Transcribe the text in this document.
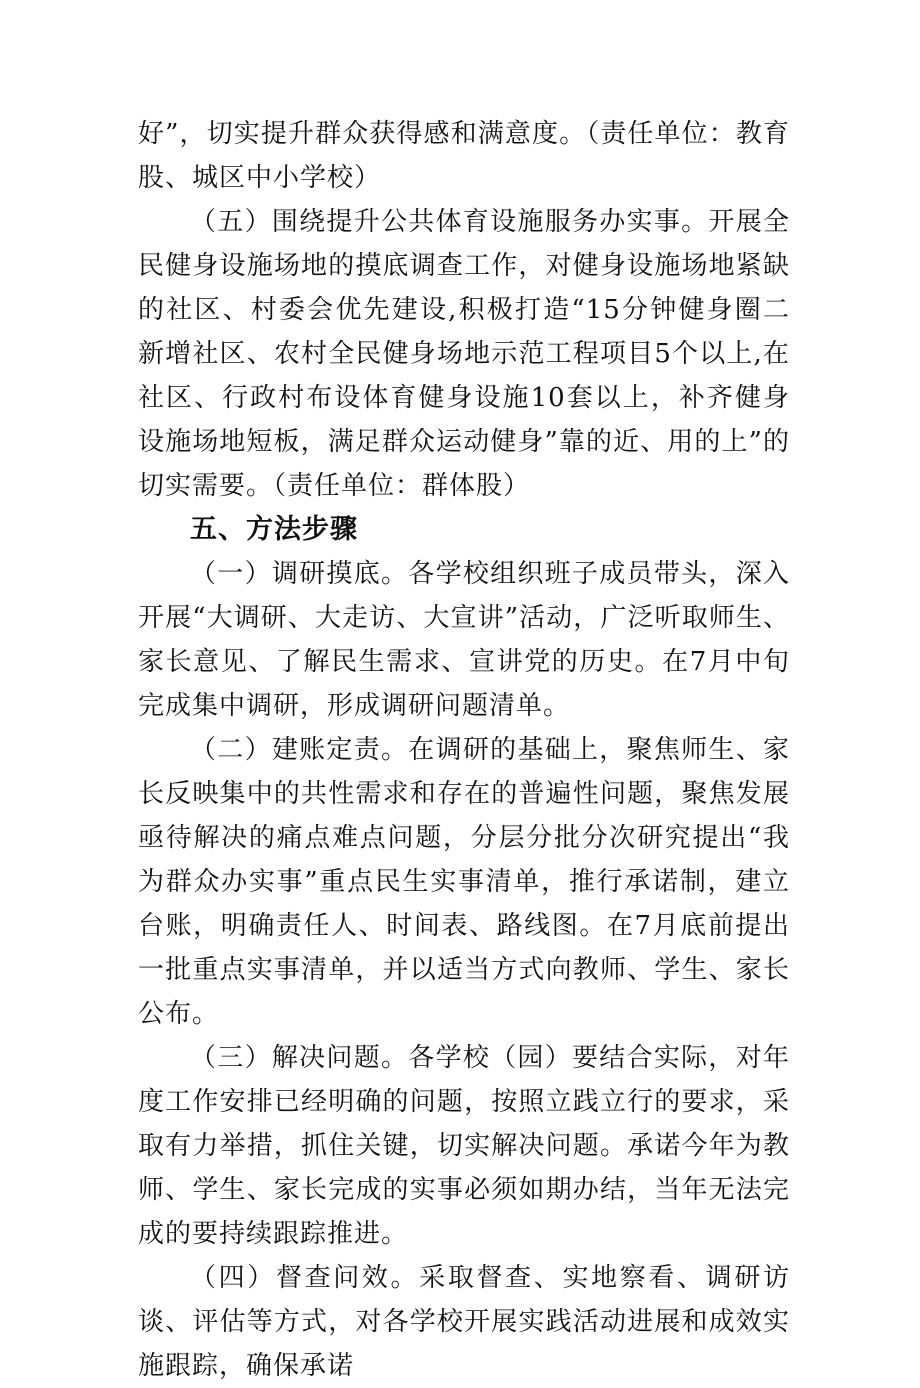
好”，切实提升群众获得感和满意度。（责任单位：教育股、城区中小学校）

（五）围绕提升公共体育设施服务办实事。开展全民健身设施场地的摸底调查工作，对健身设施场地紧缺的社区、村委会优先建设,积极打造“15分钟健身圈二新增社区、农村全民健身场地示范工程项目5个以上,在社区、行政村布设体育健身设施10套以上，补齐健身设施场地短板，满足群众运动健身”靠的近、用的上”的切实需要。（责任单位：群体股）

五、方法步骤

（一）调研摸底。各学校组织班子成员带头，深入开展“大调研、大走访、大宣讲”活动，广泛听取师生、家长意见、了解民生需求、宣讲党的历史。在7月中旬完成集中调研，形成调研问题清单。

（二）建账定责。在调研的基础上，聚焦师生、家长反映集中的共性需求和存在的普遍性问题，聚焦发展亟待解决的痛点难点问题，分层分批分次研究提出“我为群众办实事”重点民生实事清单，推行承诺制，建立台账，明确责任人、时间表、路线图。在7月底前提出一批重点实事清单，并以适当方式向教师、学生、家长公布。

（三）解决问题。各学校（园）要结合实际，对年度工作安排已经明确的问题，按照立践立行的要求，采取有力举措，抓住关键，切实解决问题。承诺今年为教师、学生、家长完成的实事必须如期办结，当年无法完成的要持续跟踪推进。

（四）督查问效。采取督查、实地察看、调研访谈、评估等方式，对各学校开展实践活动进展和成效实施跟踪，确保承诺
